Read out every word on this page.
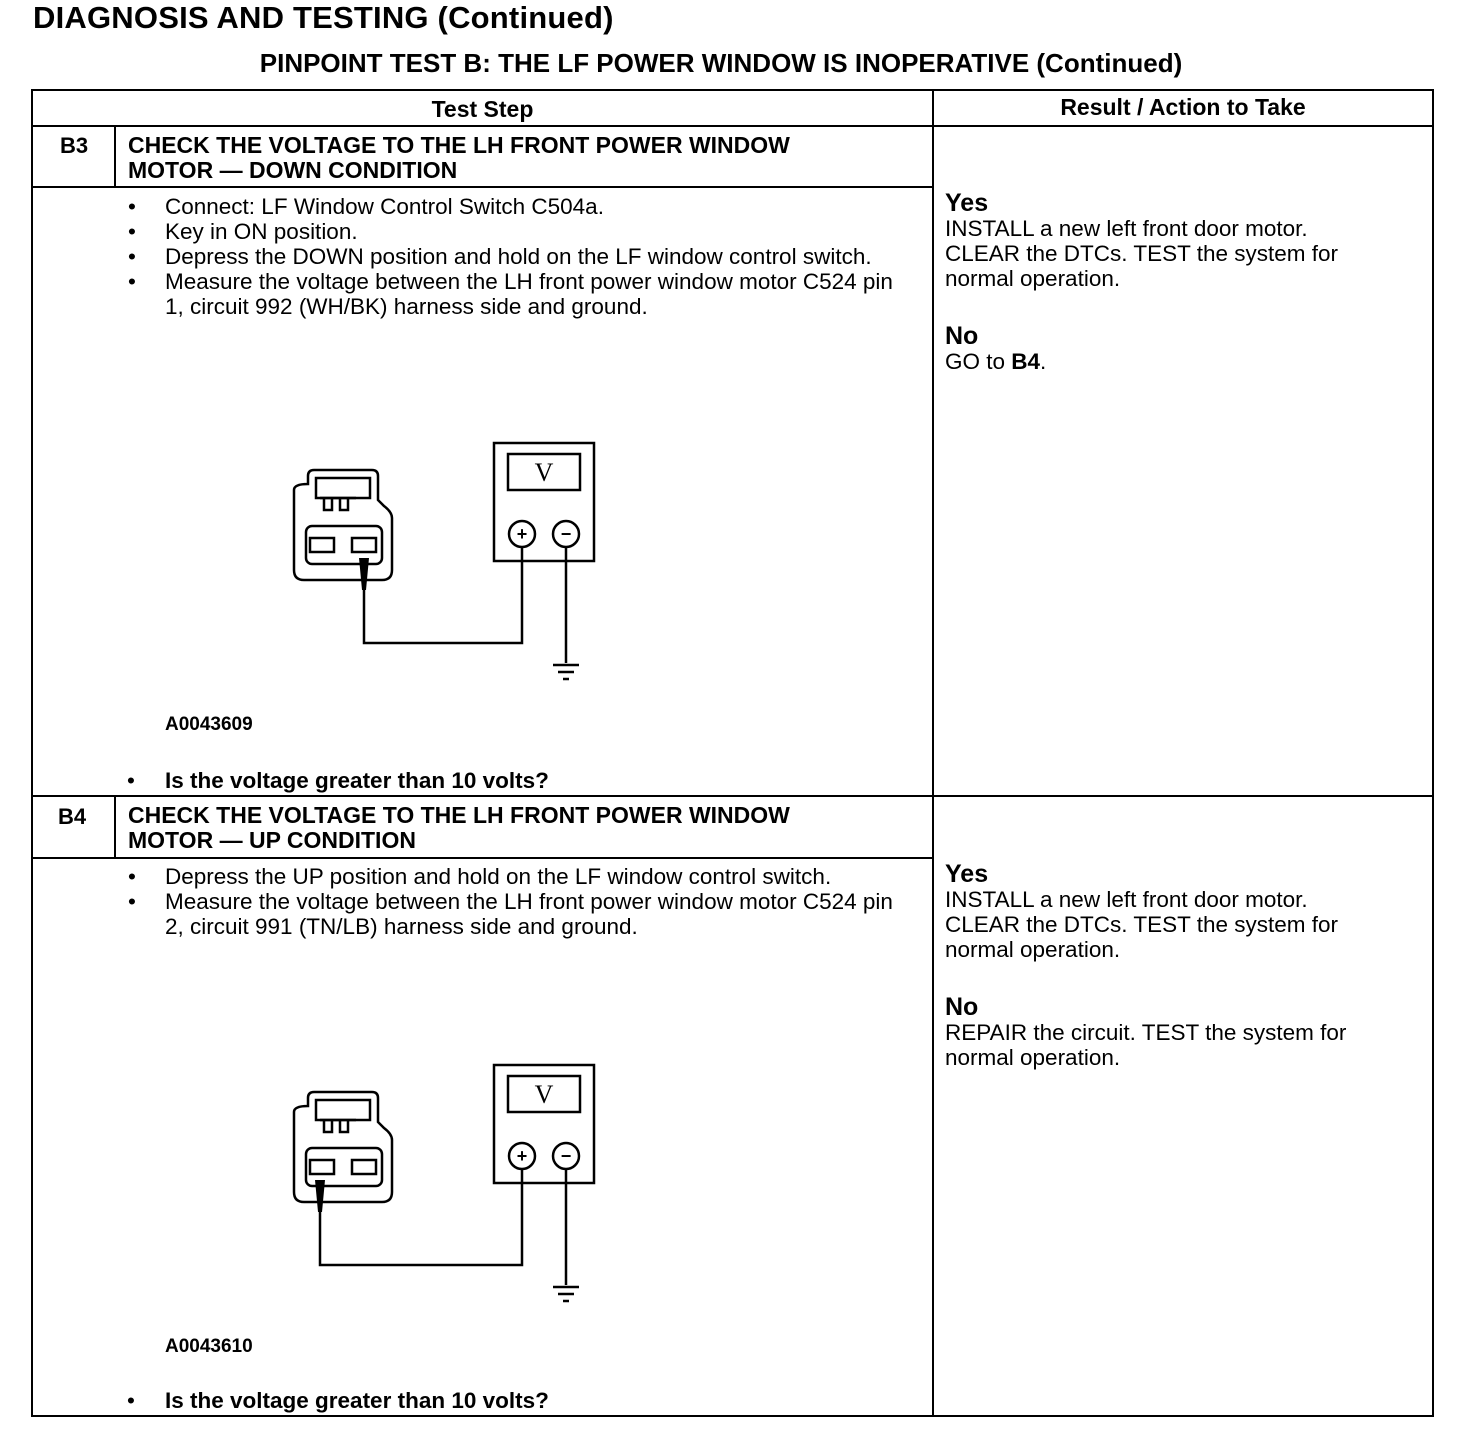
DIAGNOSIS AND TESTING (Continued)
PINPOINT TEST B: THE LF POWER WINDOW IS INOPERATIVE (Continued)
Test Step	Result / Action to Take
B3	CHECK THE VOLTAGE TO THE LH FRONT POWER WINDOW
MOTOR — DOWN CONDITION
• Connect: LF Window Control Switch C504a.
• Key in ON position.
• Depress the DOWN position and hold on the LF window control switch.
• Measure the voltage between the LH front power window motor C524 pin 1, circuit 992 (WH/BK) harness side and ground.
V
+ −
A0043609
• Is the voltage greater than 10 volts?
Yes
INSTALL a new left front door motor. CLEAR the DTCs. TEST the system for normal operation.
No
GO to B4.
B4	CHECK THE VOLTAGE TO THE LH FRONT POWER WINDOW
MOTOR — UP CONDITION
• Depress the UP position and hold on the LF window control switch.
• Measure the voltage between the LH front power window motor C524 pin 2, circuit 991 (TN/LB) harness side and ground.
V
+ −
A0043610
• Is the voltage greater than 10 volts?
Yes
INSTALL a new left front door motor. CLEAR the DTCs. TEST the system for normal operation.
No
REPAIR the circuit. TEST the system for normal operation.
